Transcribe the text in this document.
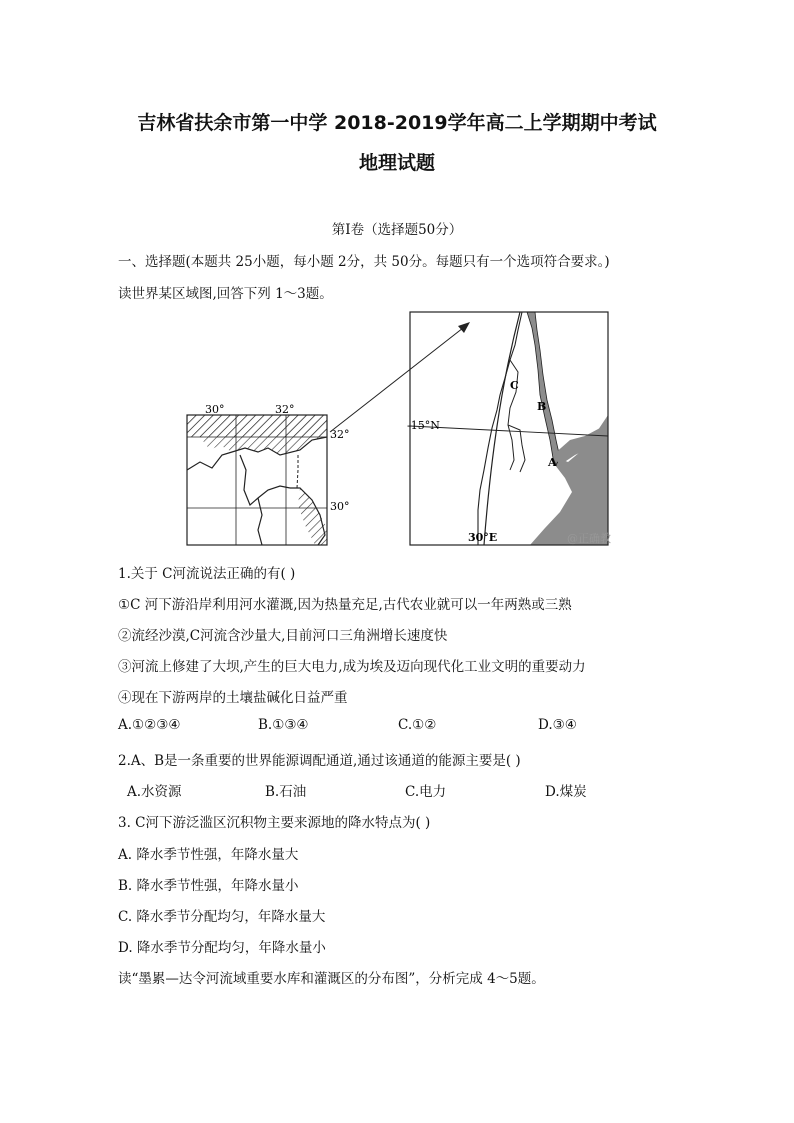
吉林省扶余市第一中学 2018-2019学年高二上学期期中考试
地理试题
第Ⅰ卷（选择题50分）
一、选择题(本题共 25小题，每小题 2分，共 50分。每题只有一个选项符合要求。)
读世界某区域图,回答下列 1～3题。
30°	32°
32°
30°
-15°N
30°E
C
B
A
@正确教
1.关于 C河流说法正确的有( )
①C 河下游沿岸利用河水灌溉,因为热量充足,古代农业就可以一年两熟或三熟
②流经沙漠,C河流含沙量大,目前河口三角洲增长速度快
③河流上修建了大坝,产生的巨大电力,成为埃及迈向现代化工业文明的重要动力
④现在下游两岸的土壤盐碱化日益严重
A.①②③④	B.①③④	C.①②	D.③④
2.A、B是一条重要的世界能源调配通道,通过该通道的能源主要是( )
A.水资源	B.石油	C.电力	D.煤炭
3. C河下游泛滥区沉积物主要来源地的降水特点为( )
A. 降水季节性强，年降水量大
B. 降水季节性强，年降水量小
C. 降水季节分配均匀，年降水量大
D. 降水季节分配均匀，年降水量小
读“墨累—达令河流域重要水库和灌溉区的分布图”，分析完成 4～5题。
